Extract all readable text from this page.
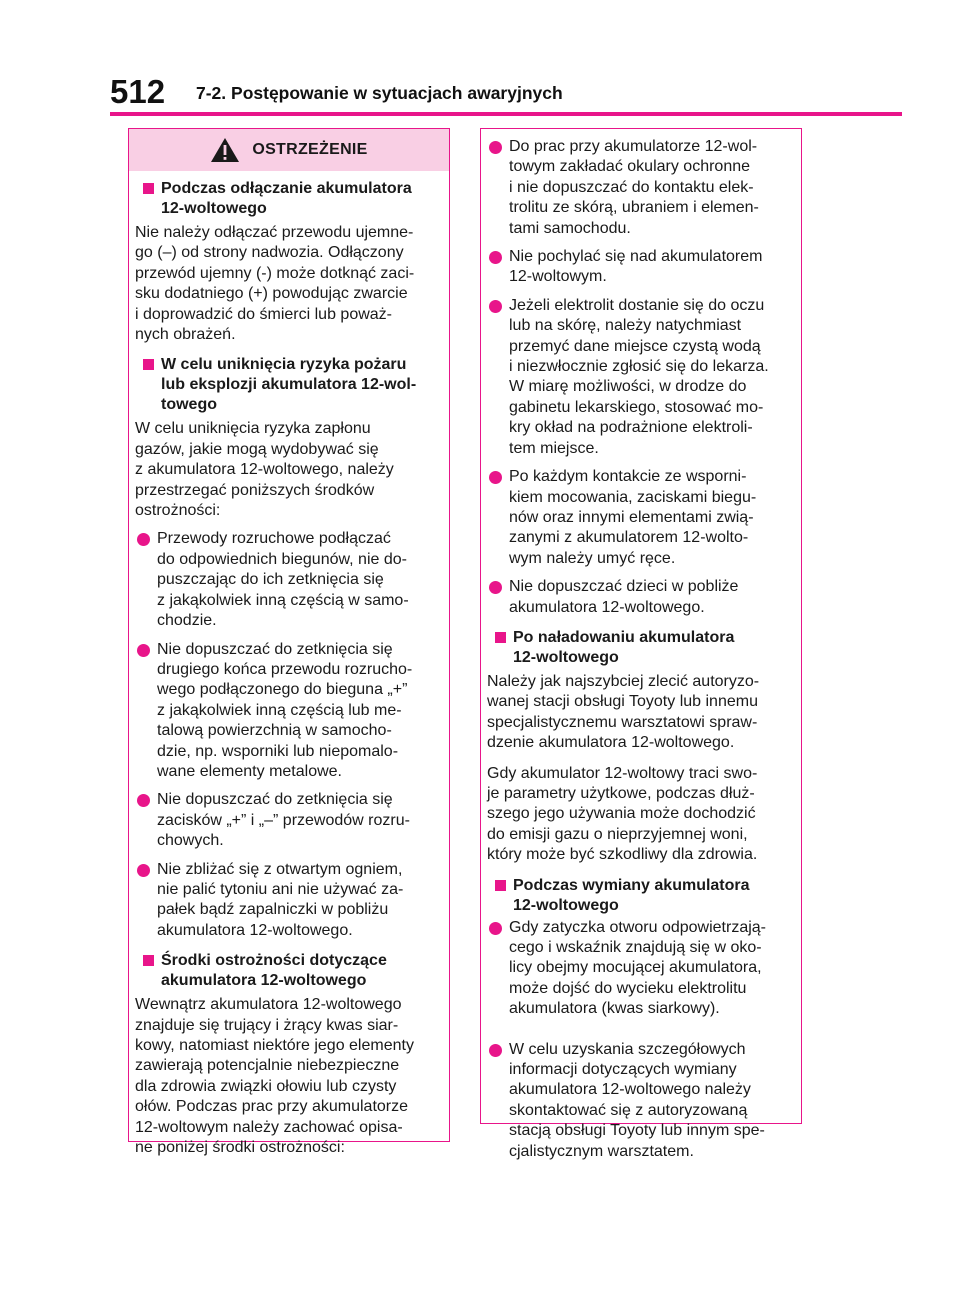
512 7-2. Postępowanie w sytuacjach awaryjnych
OSTRZEŻENIE
Podczas odłączanie akumulatora
12-woltowego
Nie należy odłączać przewodu ujemne-
go (–) od strony nadwozia. Odłączony
przewód ujemny (-) może dotknąć zaci-
sku dodatniego (+) powodując zwarcie
i doprowadzić do śmierci lub poważ-
nych obrażeń.
W celu uniknięcia ryzyka pożaru
lub eksplozji akumulatora 12-wol-
towego
W celu uniknięcia ryzyka zapłonu
gazów, jakie mogą wydobywać się
z akumulatora 12-woltowego, należy
przestrzegać poniższych środków
ostrożności:
Przewody rozruchowe podłączać
do odpowiednich biegunów, nie do-
puszczając do ich zetknięcia się
z jakąkolwiek inną częścią w samo-
chodzie.
Nie dopuszczać do zetknięcia się
drugiego końca przewodu rozrucho-
wego podłączonego do bieguna „+”
z jakąkolwiek inną częścią lub me-
talową powierzchnią w samocho-
dzie, np. wsporniki lub niepomalo-
wane elementy metalowe.
Nie dopuszczać do zetknięcia się
zacisków „+” i „–” przewodów rozru-
chowych.
Nie zbliżać się z otwartym ogniem,
nie palić tytoniu ani nie używać za-
pałek bądź zapalniczki w pobliżu
akumulatora 12-woltowego.
Środki ostrożności dotyczące
akumulatora 12-woltowego
Wewnątrz akumulatora 12-woltowego
znajduje się trujący i żrący kwas siar-
kowy, natomiast niektóre jego elementy
zawierają potencjalnie niebezpieczne
dla zdrowia związki ołowiu lub czysty
ołów. Podczas prac przy akumulatorze
12-woltowym należy zachować opisa-
ne poniżej środki ostrożności:
Do prac przy akumulatorze 12-wol-
towym zakładać okulary ochronne
i nie dopuszczać do kontaktu elek-
trolitu ze skórą, ubraniem i elemen-
tami samochodu.
Nie pochylać się nad akumulatorem
12-woltowym.
Jeżeli elektrolit dostanie się do oczu
lub na skórę, należy natychmiast
przemyć dane miejsce czystą wodą
i niezwłocznie zgłosić się do lekarza.
W miarę możliwości, w drodze do
gabinetu lekarskiego, stosować mo-
kry okład na podrażnione elektroli-
tem miejsce.
Po każdym kontakcie ze wsporni-
kiem mocowania, zaciskami biegu-
nów oraz innymi elementami zwią-
zanymi z akumulatorem 12-wolto-
wym należy umyć ręce.
Nie dopuszczać dzieci w pobliże
akumulatora 12-woltowego.
Po naładowaniu akumulatora
12-woltowego
Należy jak najszybciej zlecić autoryzo-
wanej stacji obsługi Toyoty lub innemu
specjalistycznemu warsztatowi spraw-
dzenie akumulatora 12-woltowego.
Gdy akumulator 12-woltowy traci swo-
je parametry użytkowe, podczas dłuż-
szego jego używania może dochodzić
do emisji gazu o nieprzyjemnej woni,
który może być szkodliwy dla zdrowia.
Podczas wymiany akumulatora
12-woltowego
Gdy zatyczka otworu odpowietrzają-
cego i wskaźnik znajdują się w oko-
licy obejmy mocującej akumulatora,
może dojść do wycieku elektrolitu
akumulatora (kwas siarkowy).
W celu uzyskania szczegółowych
informacji dotyczących wymiany
akumulatora 12-woltowego należy
skontaktować się z autoryzowaną
stacją obsługi Toyoty lub innym spe-
cjalistycznym warsztatem.
